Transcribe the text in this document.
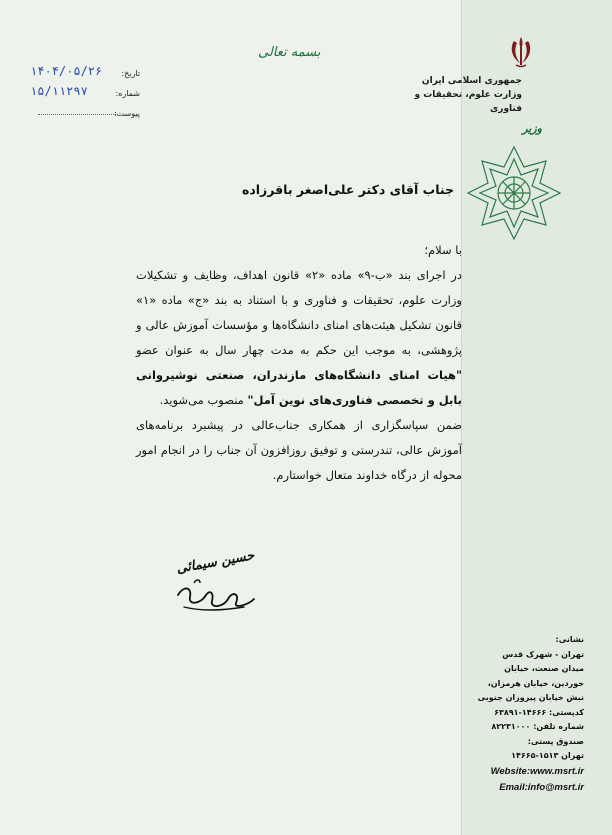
بسمه تعالی
جمهوری اسلامی ایران
وزارت علوم، تحقیقات و فناوری
وزیر
۱۴۰۴/۰۵/۲۶ تاریخ:
۱۵/۱۱۲۹۷	شماره:
پیوست:
جناب آقای دکتر علی‌اصغر باقرزاده

با سلام؛

در اجرای بند «ب-۹» ماده «۲» قانون اهداف، وظایف و تشکیلات وزارت علوم، تحقیقات و فناوری و با استناد به بند «ج» ماده «۱» قانون تشکیل هیئت‌های امنای دانشگاه‌ها و مؤسسات آموزش عالی و پژوهشی، به موجب این حکم به مدت چهار سال به عنوان عضو "هیات امنای دانشگاه‌های مازندران، صنعتی نوشیروانی بابل و تخصصی فناوری‌های نوین آمل" منصوب می‌شوید.

ضمن سپاسگزاری از همکاری جناب‌عالی در پیشبرد برنامه‌های آموزش عالی، تندرستی و توفیق روزافزون آن جناب را در انجام امور محوله از درگاه خداوند متعال خواستارم.

حسین سیمائی
نشانی:
تهران - شهرک قدس
میدان صنعت، خیابان
خوردین، خیابان هرمزان،
نبش خیابان پیروزان جنوبی
کدپستی: ۱۴۶۶۶-۶۳۸۹۱
شماره تلفن: ۸۲۲۳۱۰۰۰
صندوق پستی:
تهران ۱۵۱۳-۱۴۶۶۵
Website:www.msrt.ir
Email:info@msrt.ir
